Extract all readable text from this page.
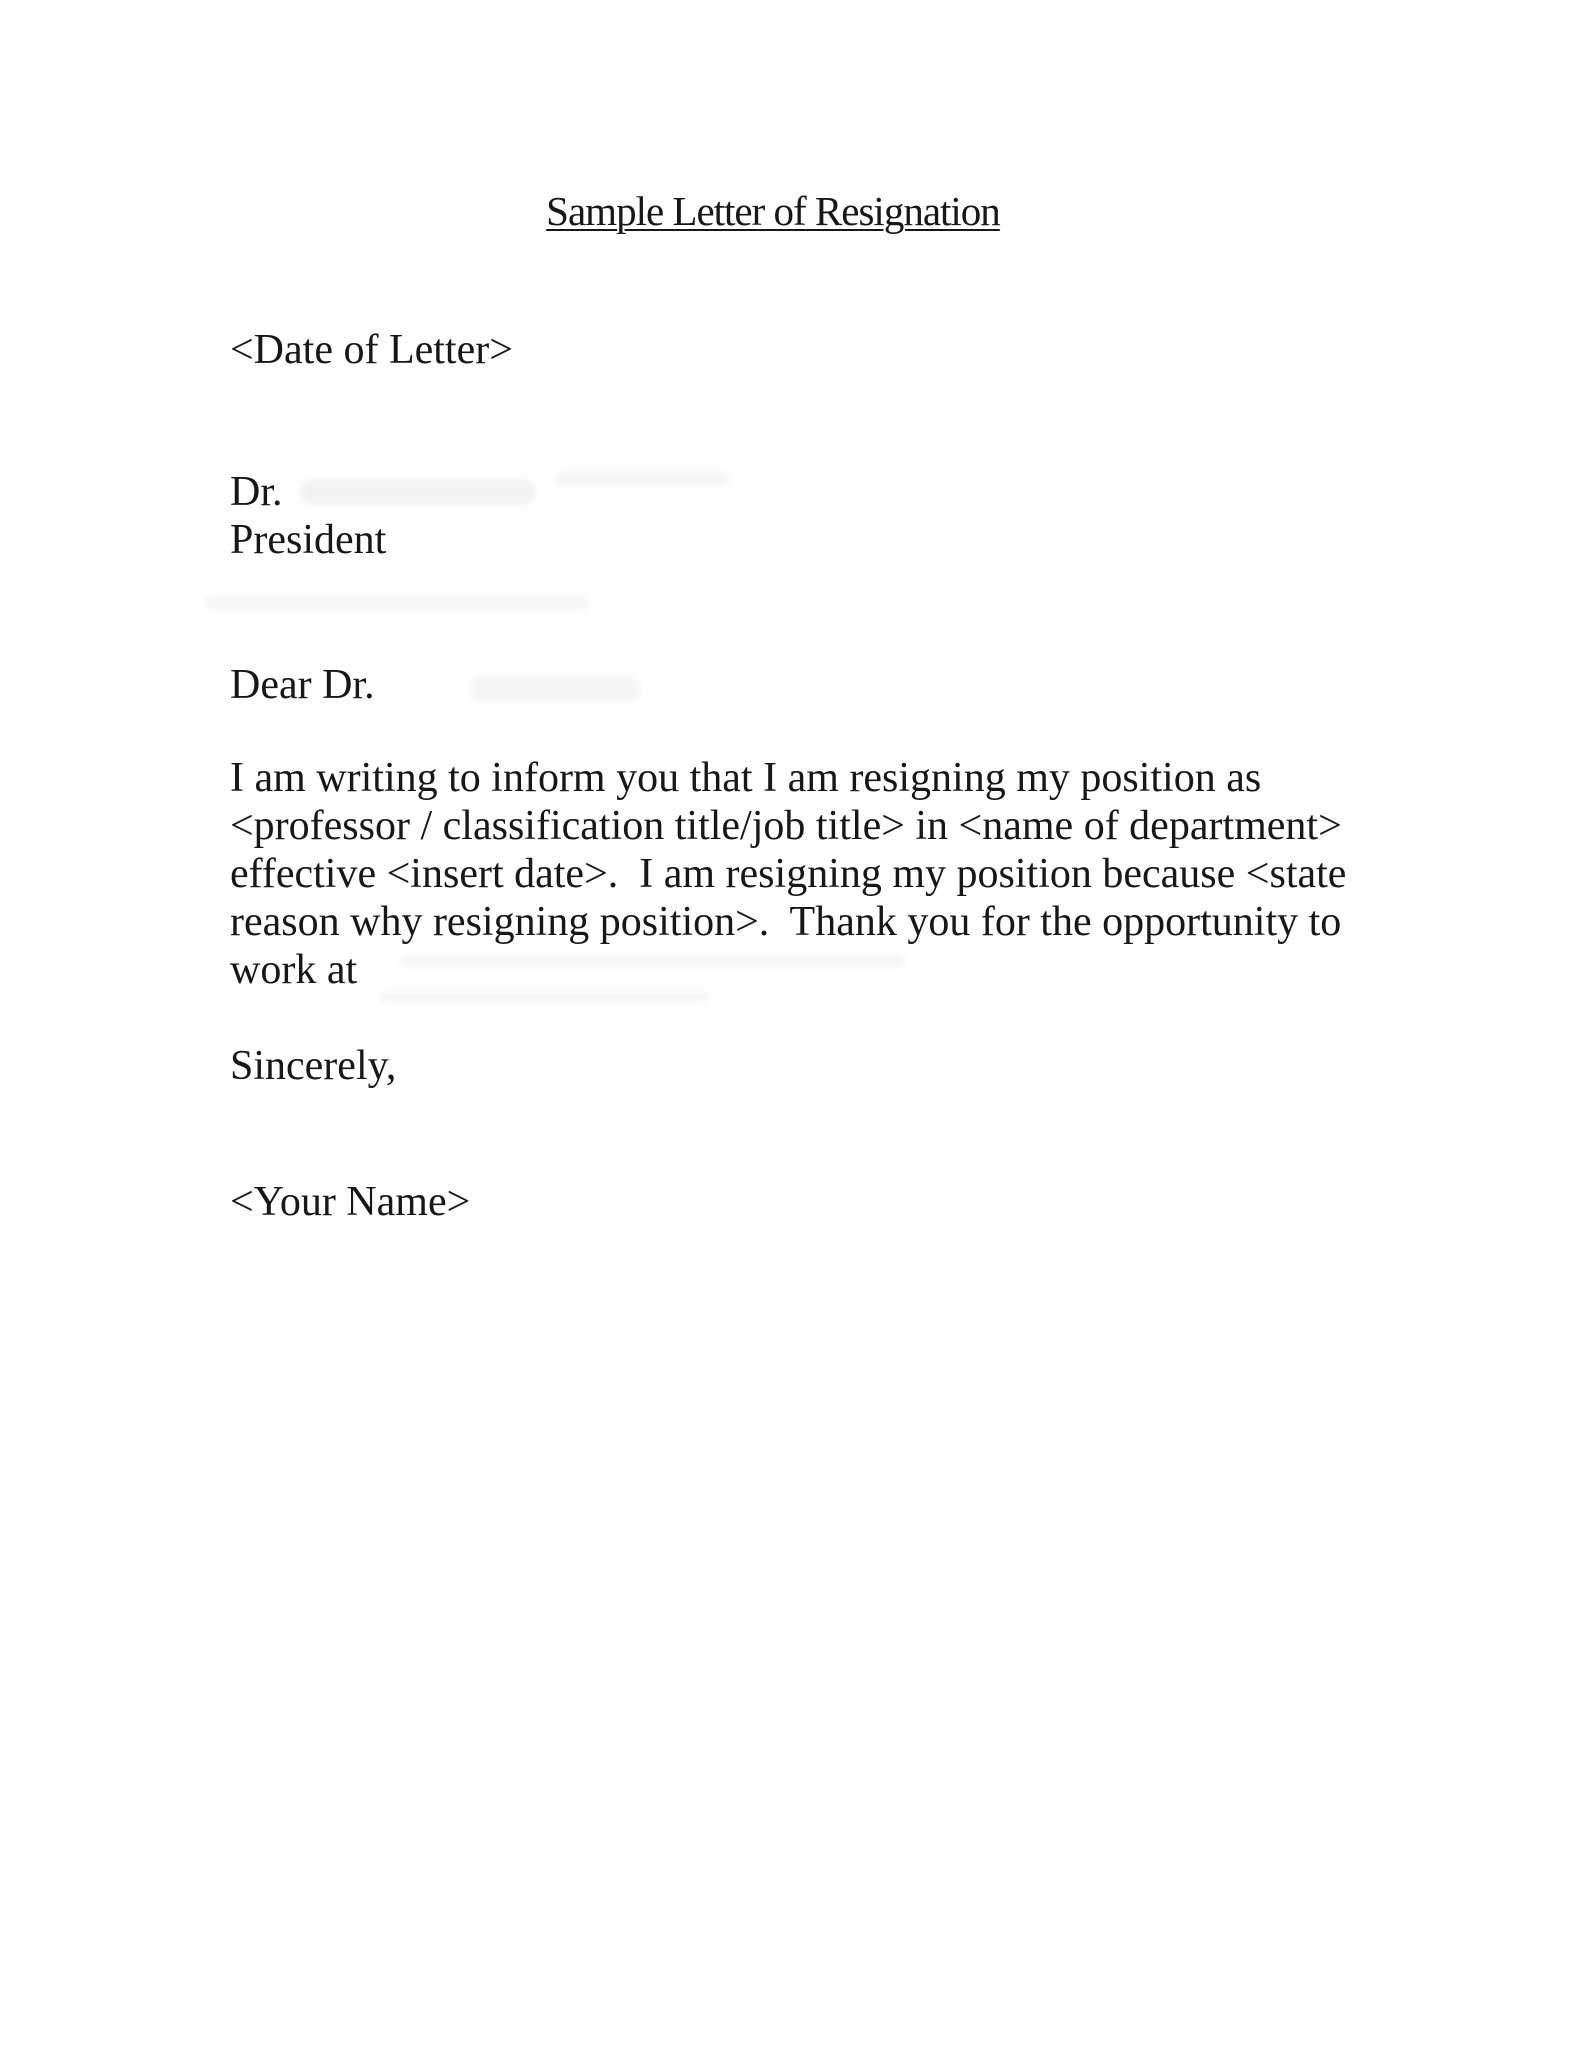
Sample Letter of Resignation
<Date of Letter>
Dr.
President
Dear Dr.
I am writing to inform you that I am resigning my position as
<professor / classification title/job title> in <name of department>
effective <insert date>.  I am resigning my position because <state
reason why resigning position>.  Thank you for the opportunity to
work at
Sincerely,
<Your Name>
